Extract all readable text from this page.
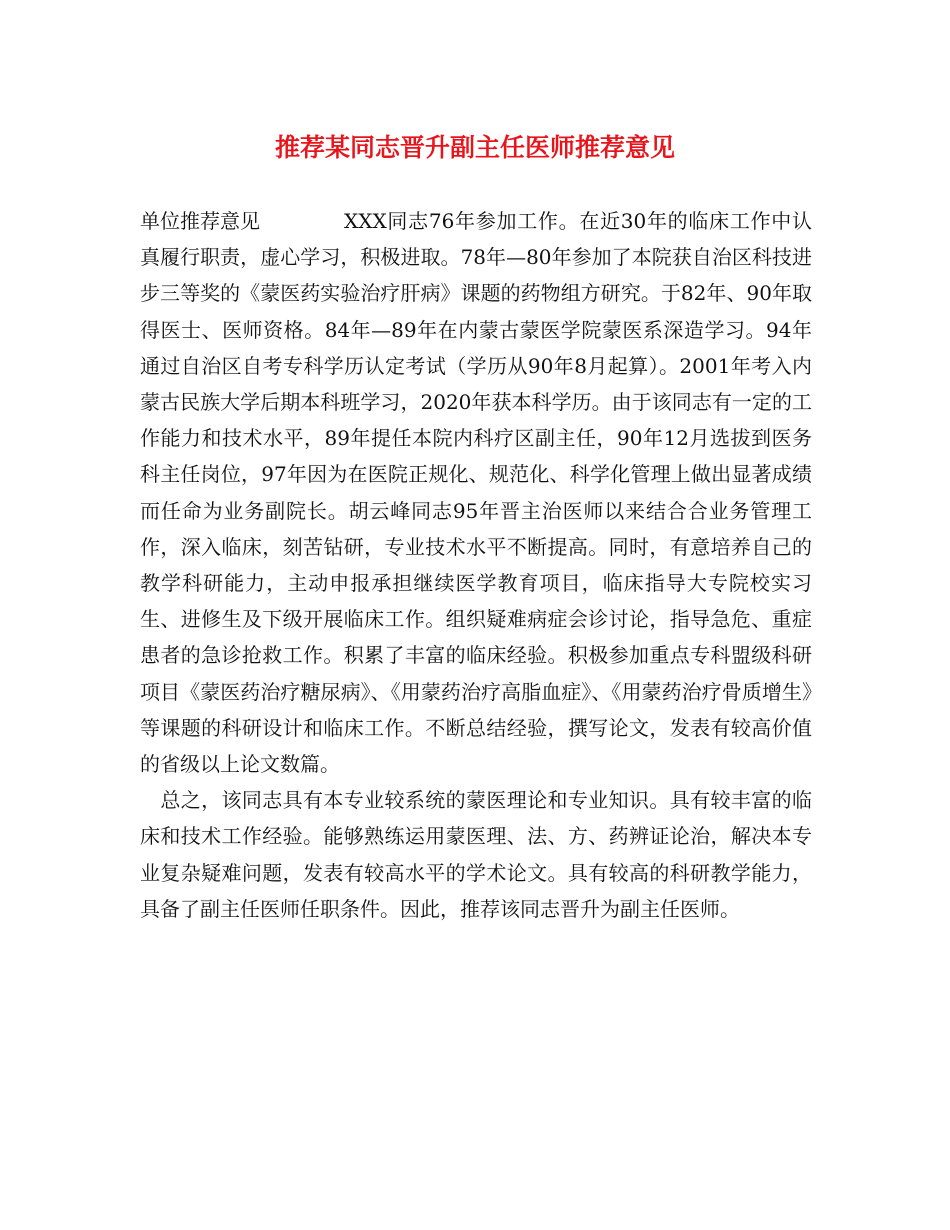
推荐某同志晋升副主任医师推荐意见

单位推荐意见	XXX同志76年参加工作。在近30年的临床工作中认真履行职责，虚心学习，积极进取。78年—80年参加了本院获自治区科技进步三等奖的《蒙医药实验治疗肝病》课题的药物组方研究。于82年、90年取得医士、医师资格。84年—89年在内蒙古蒙医学院蒙医系深造学习。94年通过自治区自考专科学历认定考试（学历从90年8月起算）。2001年考入内蒙古民族大学后期本科班学习，2020年获本科学历。由于该同志有一定的工作能力和技术水平，89年提任本院内科疗区副主任，90年12月选拔到医务科主任岗位，97年因为在医院正规化、规范化、科学化管理上做出显著成绩而任命为业务副院长。胡云峰同志95年晋主治医师以来结合合业务管理工作，深入临床，刻苦钻研，专业技术水平不断提高。同时，有意培养自己的教学科研能力，主动申报承担继续医学教育项目，临床指导大专院校实习生、进修生及下级开展临床工作。组织疑难病症会诊讨论，指导急危、重症患者的急诊抢救工作。积累了丰富的临床经验。积极参加重点专科盟级科研项目《蒙医药治疗糖尿病》、《用蒙药治疗高脂血症》、《用蒙药治疗骨质增生》等课题的科研设计和临床工作。不断总结经验，撰写论文，发表有较高价值的省级以上论文数篇。

总之，该同志具有本专业较系统的蒙医理论和专业知识。具有较丰富的临床和技术工作经验。能够熟练运用蒙医理、法、方、药辨证论治，解决本专业复杂疑难问题，发表有较高水平的学术论文。具有较高的科研教学能力，具备了副主任医师任职条件。因此，推荐该同志晋升为副主任医师。
